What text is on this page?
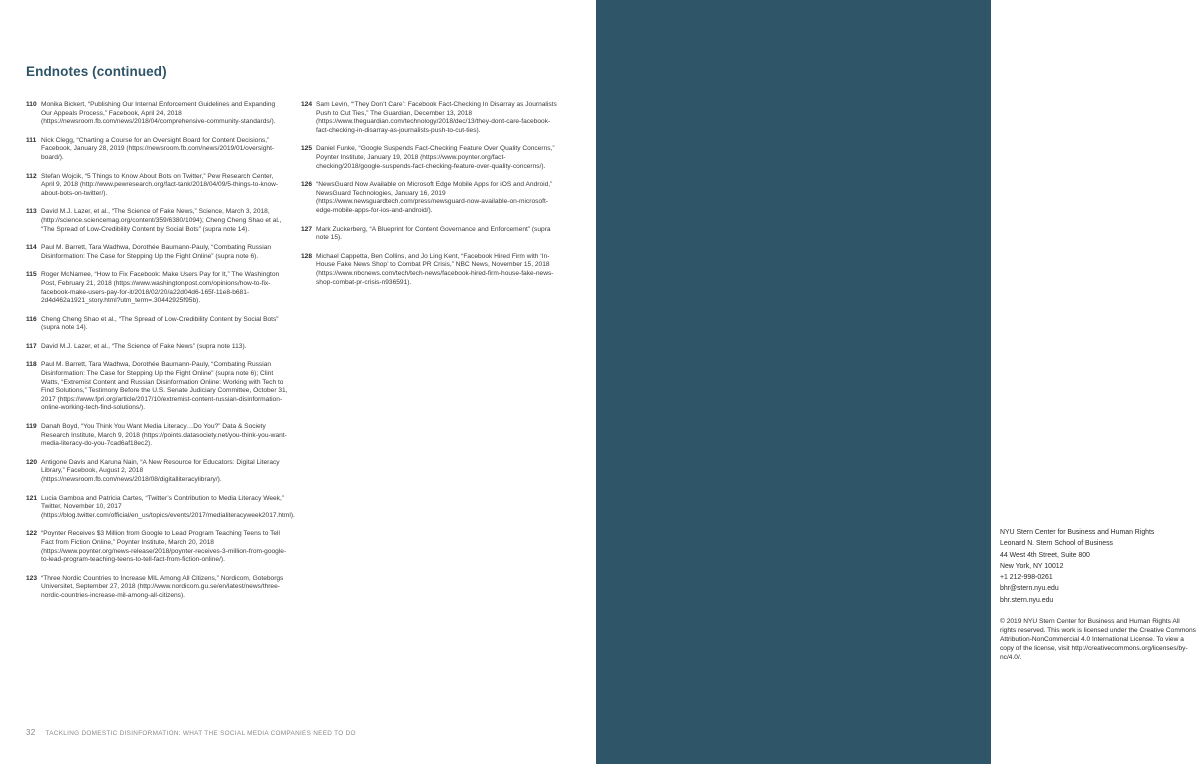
Endnotes (continued)
110 Monika Bickert, “Publishing Our Internal Enforcement Guidelines and Expanding Our Appeals Process,” Facebook, April 24, 2018 (https://newsroom.fb.com/news/2018/04/comprehensive-community-standards/).
111 Nick Clegg, “Charting a Course for an Oversight Board for Content Decisions,” Facebook, January 28, 2019 (https://newsroom.fb.com/news/2019/01/oversight-board/).
112 Stefan Wojcik, “5 Things to Know About Bots on Twitter,” Pew Research Center, April 9, 2018 (http://www.pewresearch.org/fact-tank/2018/04/09/5-things-to-know-about-bots-on-twitter/).
113 David M.J. Lazer, et al., “The Science of Fake News,” Science, March 3, 2018, (http://science.sciencemag.org/content/359/6380/1094); Cheng Cheng Shao et al., “The Spread of Low-Credibility Content by Social Bots” (supra note 14).
114 Paul M. Barrett, Tara Wadhwa, Dorothée Baumann-Pauly, “Combating Russian Disinformation: The Case for Stepping Up the Fight Online” (supra note 6).
115 Roger McNamee, “How to Fix Facebook: Make Users Pay for It,” The Washington Post, February 21, 2018 (https://www.washingtonpost.com/opinions/how-to-fix-facebook-make-users-pay-for-it/2018/02/20/a22d04d6-165f-11e8-b681-2d4d462a1921_story.html?utm_term=.30442925f95b).
116 Cheng Cheng Shao et al., “The Spread of Low-Credibility Content by Social Bots” (supra note 14).
117 David M.J. Lazer, et al., “The Science of Fake News” (supra note 113).
118 Paul M. Barrett, Tara Wadhwa, Dorothée Baumann-Pauly, “Combating Russian Disinformation: The Case for Stepping Up the Fight Online” (supra note 6); Clint Watts, “Extremist Content and Russian Disinformation Online: Working with Tech to Find Solutions,” Testimony Before the U.S. Senate Judiciary Committee, October 31, 2017 (https://www.fpri.org/article/2017/10/extremist-content-russian-disinformation-online-working-tech-find-solutions/).
119 Danah Boyd, “You Think You Want Media Literacy…Do You?” Data & Society Research Institute, March 9, 2018 (https://points.datasociety.net/you-think-you-want-media-literacy-do-you-7cad6af18ec2).
120 Antigone Davis and Karuna Nain, “A New Resource for Educators: Digital Literacy Library,” Facebook, August 2, 2018 (https://newsroom.fb.com/news/2018/08/digitalliteracylibrary/).
121 Lucia Gamboa and Patricia Cartes, “Twitter’s Contribution to Media Literacy Week,” Twitter, November 10, 2017 (https://blog.twitter.com/official/en_us/topics/events/2017/medialiteracyweek2017.html).
122 “Poynter Receives $3 Million from Google to Lead Program Teaching Teens to Tell Fact from Fiction Online,” Poynter Institute, March 20, 2018 (https://www.poynter.org/news-release/2018/poynter-receives-3-million-from-google-to-lead-program-teaching-teens-to-tell-fact-from-fiction-online/).
123 “Three Nordic Countries to Increase MIL Among All Citizens,” Nordicom, Goteborgs Universitet, September 27, 2018 (http://www.nordicom.gu.se/en/latest/news/three-nordic-countries-increase-mil-among-all-citizens).
124 Sam Levin, “‘They Don’t Care’: Facebook Fact-Checking In Disarray as Journalists Push to Cut Ties,” The Guardian, December 13, 2018 (https://www.theguardian.com/technology/2018/dec/13/they-dont-care-facebook-fact-checking-in-disarray-as-journalists-push-to-cut-ties).
125 Daniel Funke, “Google Suspends Fact-Checking Feature Over Quality Concerns,” Poynter Institute, January 19, 2018 (https://www.poynter.org/fact-checking/2018/google-suspends-fact-checking-feature-over-quality-concerns/).
126 “NewsGuard Now Available on Microsoft Edge Mobile Apps for iOS and Android,” NewsGuard Technologies, January 16, 2019 (https://www.newsguardtech.com/press/newsguard-now-available-on-microsoft-edge-mobile-apps-for-ios-and-android/).
127 Mark Zuckerberg, “A Blueprint for Content Governance and Enforcement” (supra note 15).
128 Michael Cappetta, Ben Collins, and Jo Ling Kent, “Facebook Hired Firm with ‘In-House Fake News Shop’ to Combat PR Crisis,” NBC News, November 15, 2018 (https://www.nbcnews.com/tech/tech-news/facebook-hired-firm-house-fake-news-shop-combat-pr-crisis-n936591).
32 TACKLING DOMESTIC DISINFORMATION: WHAT THE SOCIAL MEDIA COMPANIES NEED TO DO
NYU Stern Center for Business and Human Rights
Leonard N. Stern School of Business
44 West 4th Street, Suite 800
New York, NY 10012
+1 212-998-0261
bhr@stern.nyu.edu
bhr.stern.nyu.edu
© 2019 NYU Stern Center for Business and Human Rights All rights reserved. This work is licensed under the Creative Commons Attribution-NonCommercial 4.0 International License. To view a copy of the license, visit http://creativecommons.org/licenses/by-nc/4.0/.
